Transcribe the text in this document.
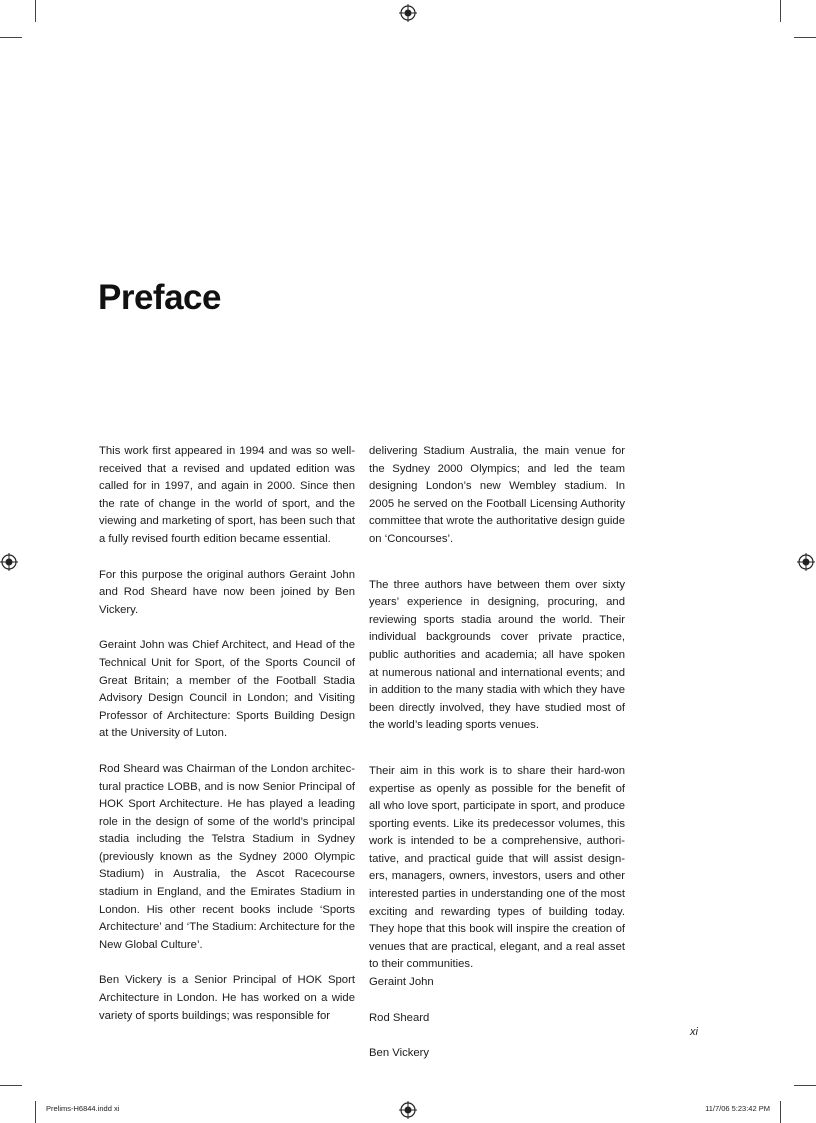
Preface

This work first appeared in 1994 and was so well-received that a revised and updated edition was called for in 1997, and again in 2000. Since then the rate of change in the world of sport, and the viewing and marketing of sport, has been such that a fully revised fourth edition became essential.

For this purpose the original authors Geraint John and Rod Sheard have now been joined by Ben Vickery.

Geraint John was Chief Architect, and Head of the Technical Unit for Sport, of the Sports Council of Great Britain; a member of the Football Stadia Advisory Design Council in London; and Visiting Professor of Architecture: Sports Building Design at the University of Luton.

Rod Sheard was Chairman of the London architectural practice LOBB, and is now Senior Principal of HOK Sport Architecture. He has played a leading role in the design of some of the world’s principal stadia including the Telstra Stadium in Sydney (previously known as the Sydney 2000 Olympic Stadium) in Australia, the Ascot Racecourse stadium in England, and the Emirates Stadium in London. His other recent books include ‘Sports Architecture’ and ‘The Stadium: Architecture for the New Global Culture’.

Ben Vickery is a Senior Principal of HOK Sport Architecture in London. He has worked on a wide variety of sports buildings; was responsible for

delivering Stadium Australia, the main venue for the Sydney 2000 Olympics; and led the team designing London’s new Wembley stadium. In 2005 he served on the Football Licensing Authority committee that wrote the authoritative design guide on ‘Concourses’.

The three authors have between them over sixty years’ experience in designing, procuring, and reviewing sports stadia around the world. Their individual backgrounds cover private practice, public authorities and academia; all have spoken at numerous national and international events; and in addition to the many stadia with which they have been directly involved, they have studied most of the world’s leading sports venues.

Their aim in this work is to share their hard-won expertise as openly as possible for the benefit of all who love sport, participate in sport, and produce sporting events. Like its predecessor volumes, this work is intended to be a comprehensive, authoritative, and practical guide that will assist designers, managers, owners, investors, users and other interested parties in understanding one of the most exciting and rewarding types of building today. They hope that this book will inspire the creation of venues that are practical, elegant, and a real asset to their communities.

Geraint John

Rod Sheard

Ben Vickery

xi
Prelims-H6844.indd xi	11/7/06 5:23:42 PM
